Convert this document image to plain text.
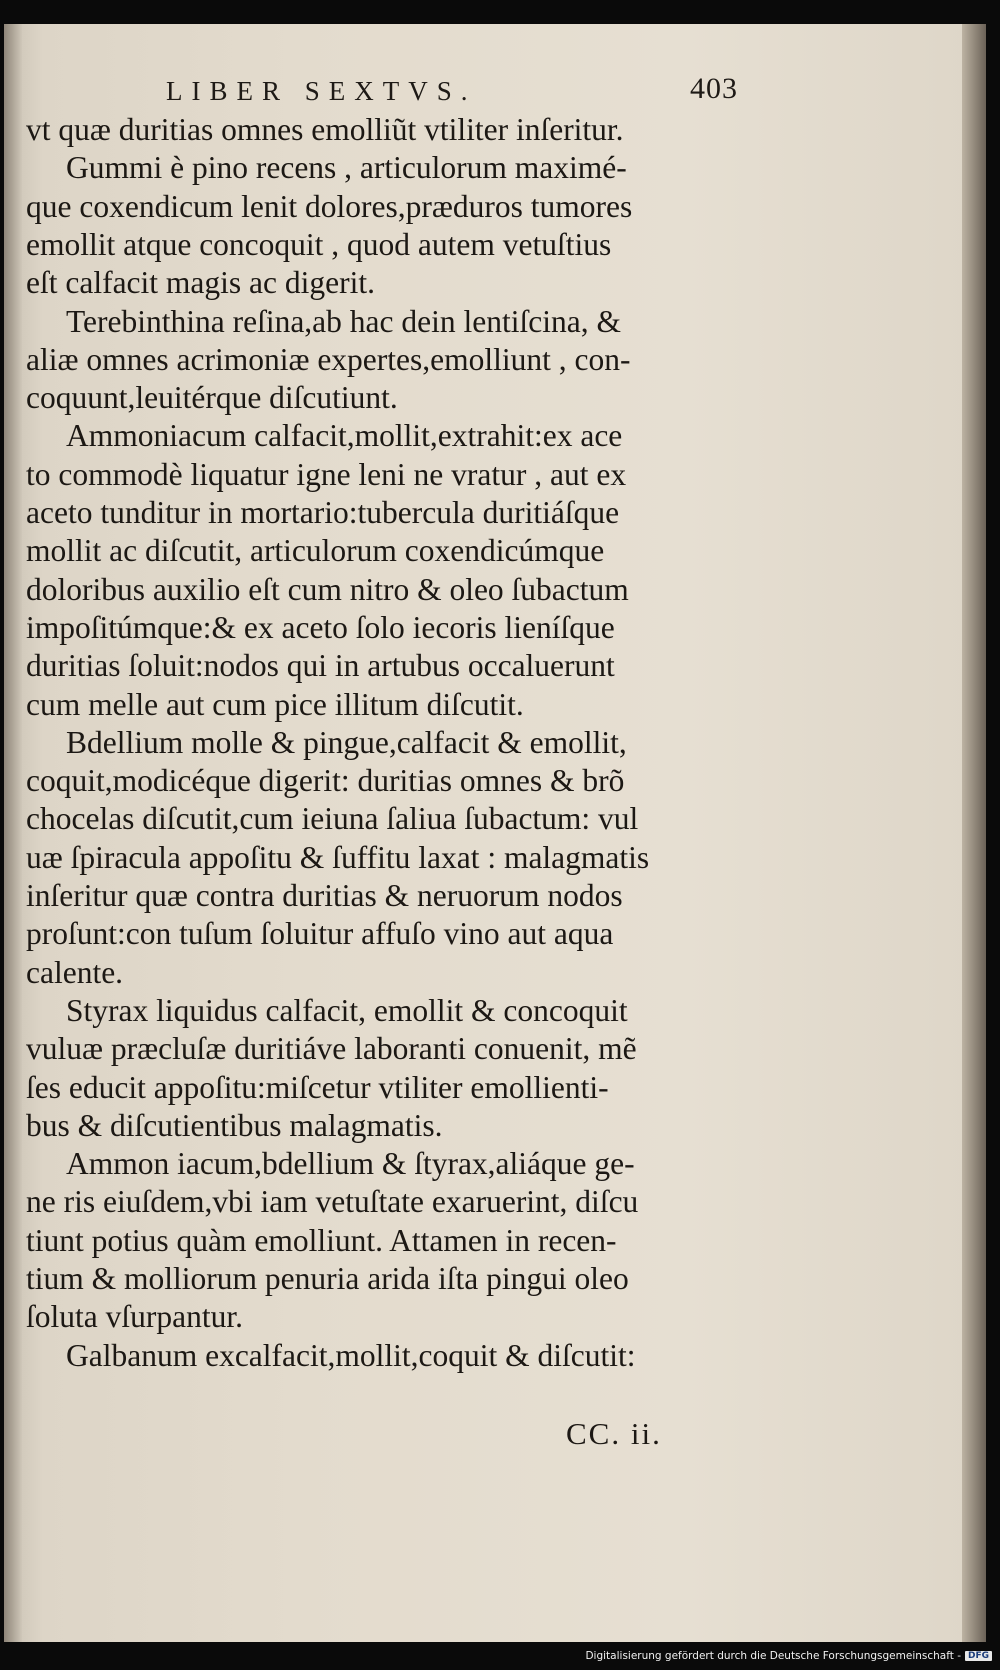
LIBER SEXTVS.	403
vt quæ duritias omnes emolliũt vtiliter inſeritur.
Gummi è pino recens , articulorum maximé-
que coxendicum lenit dolores,præduros tumores
emollit atque concoquit , quod autem vetuſtius
eſt calfacit magis ac digerit.
Terebinthina reſina,ab hac dein lentiſcina, &
aliæ omnes acrimoniæ expertes,emolliunt , con-
coquunt,leuitérque diſcutiunt.
Ammoniacum calfacit,mollit,extrahit:ex ace
to commodè liquatur igne leni ne vratur , aut ex
aceto tunditur in mortario:tubercula duritiáſque
mollit ac diſcutit, articulorum coxendicúmque
doloribus auxilio eſt cum nitro & oleo ſubactum
impoſitúmque:& ex aceto ſolo iecoris lieníſque
duritias ſoluit:nodos qui in artubus occaluerunt
cum melle aut cum pice illitum diſcutit.
Bdellium molle & pingue,calfacit & emollit,
coquit,modicéque digerit: duritias omnes & brõ
chocelas diſcutit,cum ieiuna ſaliua ſubactum: vul
uæ ſpiracula appoſitu & ſuffitu laxat : malagmatis
inſeritur quæ contra duritias & neruorum nodos
proſunt:con tuſum ſoluitur affuſo vino aut aqua
calente.
Styrax liquidus calfacit, emollit & concoquit
vuluæ præcluſæ duritiáve laboranti conuenit, mẽ
ſes educit appoſitu:miſcetur vtiliter emollienti-
bus & diſcutientibus malagmatis.
Ammon iacum,bdellium & ſtyrax,aliáque ge-
ne ris eiuſdem,vbi iam vetuſtate exaruerint, diſcu
tiunt potius quàm emolliunt. Attamen in recen-
tium & molliorum penuria arida iſta pingui oleo
ſoluta vſurpantur.
Galbanum excalfacit,mollit,coquit & diſcutit:
CC. ii.
Digitalisierung gefördert durch die Deutsche Forschungsgemeinschaft - DFG
